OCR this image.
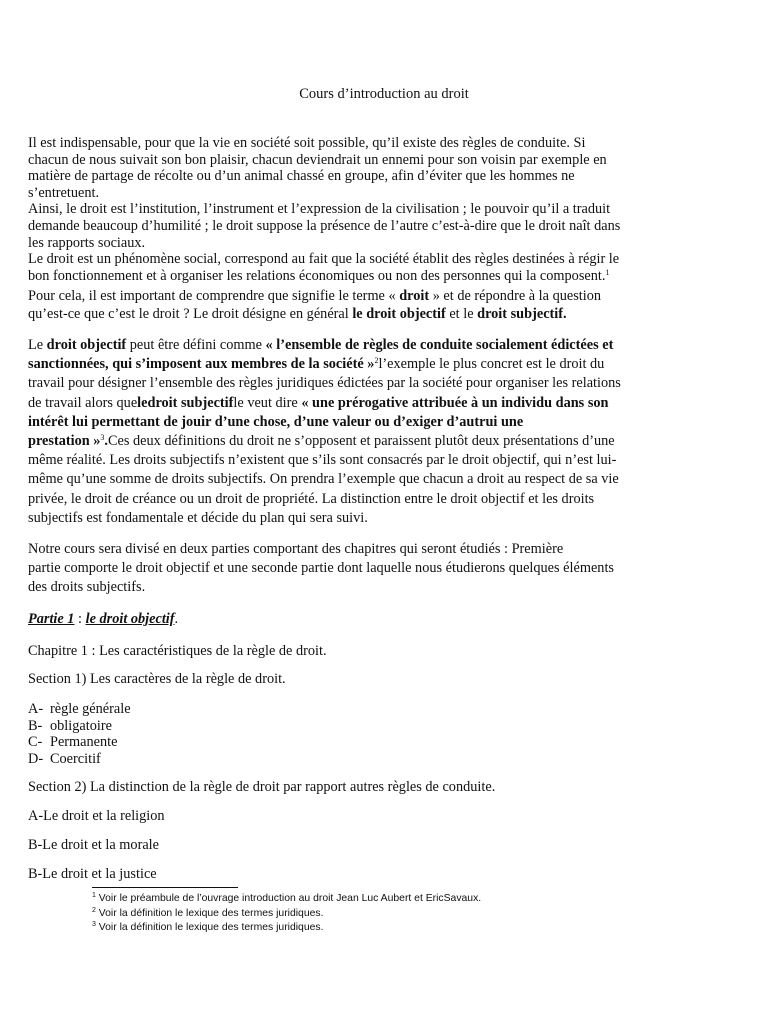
Cours d’introduction au droit
Il est indispensable, pour que la vie en société soit possible, qu’il existe des règles de conduite. Si
chacun de nous suivait son bon plaisir, chacun deviendrait un ennemi pour son voisin par exemple en
matière de partage de récolte ou d’un animal chassé en groupe, afin d’éviter que les hommes ne
s’entretuent.
Ainsi, le droit est l’institution, l’instrument et l’expression de la civilisation ; le pouvoir qu’il a traduit
demande beaucoup d’humilité ; le droit suppose la présence de l’autre c’est-à-dire que le droit naît dans
les rapports sociaux.
Le droit est un phénomène social, correspond au fait que la société établit des règles destinées à régir le
bon fonctionnement et à organiser les relations économiques ou non des personnes qui la composent.$^1$
Pour cela, il est important de comprendre que signifie le terme « droit » et de répondre à la question
qu’est-ce que c’est le droit ? Le droit désigne en général le droit objectif et le droit subjectif.
Le droit objectif peut être défini comme « l’ensemble de règles de conduite socialement édictées et
sanctionnées, qui s’imposent aux membres de la société »$^2$l’exemple le plus concret est le droit du
travail pour désigner l’ensemble des règles juridiques édictées par la société pour organiser les relations
de travail alors queledroit subjectifle veut dire « une prérogative attribuée à un individu dans son
intérêt lui permettant de jouir d’une chose, d’une valeur ou d’exiger d’autrui une
prestation »$^3$.Ces deux définitions du droit ne s’opposent et paraissent plutôt deux présentations d’une
même réalité. Les droits subjectifs n’existent que s’ils sont consacrés par le droit objectif, qui n’est lui-
même qu’une somme de droits subjectifs. On prendra l’exemple que chacun a droit au respect de sa vie
privée, le droit de créance ou un droit de propriété. La distinction entre le droit objectif et les droits
subjectifs est fondamentale et décide du plan qui sera suivi.
Notre cours sera divisé en deux parties comportant des chapitres qui seront étudiés : Première
partie comporte le droit objectif et une seconde partie dont laquelle nous étudierons quelques éléments
des droits subjectifs.
Partie 1 : le droit objectif.
Chapitre 1 : Les caractéristiques de la règle de droit.
Section 1) Les caractères de la règle de droit.
A- règle générale
B- obligatoire
C- Permanente
D- Coercitif
Section 2) La distinction de la règle de droit par rapport autres règles de conduite.
A-Le droit et la religion
B-Le droit et la morale
B-Le droit et la justice
$^1$ Voir le préambule de l’ouvrage introduction au droit Jean Luc Aubert et EricSavaux.
$^2$ Voir la définition le lexique des termes juridiques.
$^3$ Voir la définition le lexique des termes juridiques.
